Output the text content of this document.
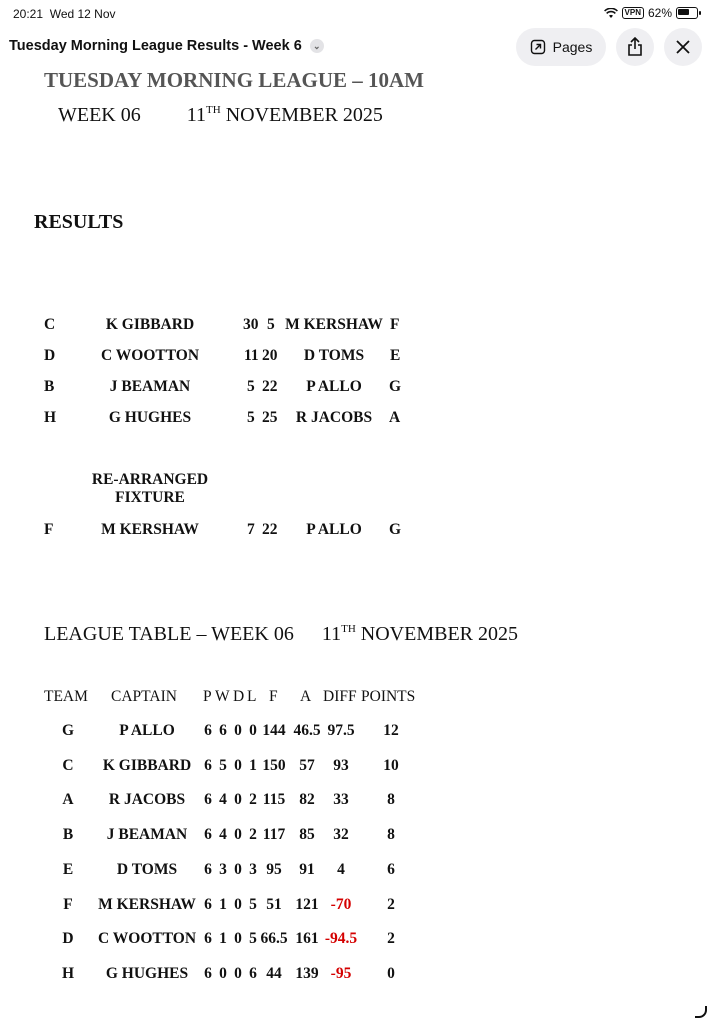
20:21 Wed 12 Nov	VPN 62%
Tuesday Morning League Results - Week 6	⌄	Pages
TUESDAY MORNING LEAGUE – 10AM
WEEK 06 11TH NOVEMBER 2025
RESULTS
C	K GIBBARD	30 5 M KERSHAW F
D	C WOOTTON	11 20 D TOMS E
B	J BEAMAN	5 22 P ALLO G
H	G HUGHES	5 25 R JACOBS A
RE-ARRANGED
FIXTURE
F	M KERSHAW	7 22 P ALLO G
LEAGUE TABLE – WEEK 06 11TH NOVEMBER 2025
TEAM CAPTAIN P W D L F A DIFF POINTS
G	P ALLO 6 6 0 0 144 46.5 97.5 12
C K GIBBARD 6 5 0 1 150 57 93 10
A R JACOBS 6 4 0 2 115 82 33 8
B J BEAMAN 6 4 0 2 117 85 32 8
E	D TOMS 6 3 0 3 95 91 4	6
F M KERSHAW 6 1 0 5 51 121 -70 2
D C WOOTTON 6 1 0 5 66.5 161 -94.5 2
H G HUGHES 6 0 0 6 44 139 -95 0
